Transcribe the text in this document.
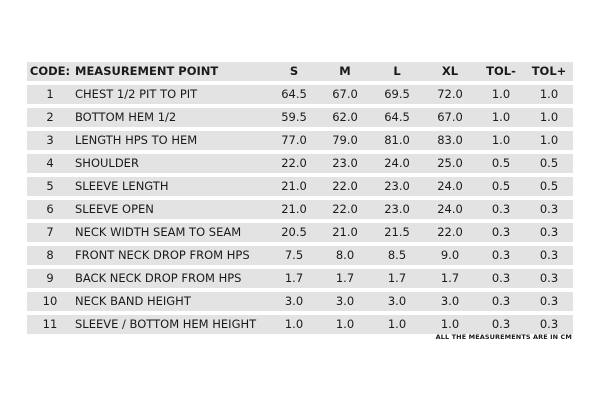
CODE:	MEASUREMENT POINT	S	M	L	XL	TOL-	TOL+
1	CHEST 1/2 PIT TO PIT	64.5	67.0	69.5	72.0	1.0	1.0
2	BOTTOM HEM 1/2	59.5	62.0	64.5	67.0	1.0	1.0
3	LENGTH HPS TO HEM	77.0	79.0	81.0	83.0	1.0	1.0
4	SHOULDER	22.0	23.0	24.0	25.0	0.5	0.5
5	SLEEVE LENGTH	21.0	22.0	23.0	24.0	0.5	0.5
6	SLEEVE OPEN	21.0	22.0	23.0	24.0	0.3	0.3
7	NECK WIDTH SEAM TO SEAM	20.5	21.0	21.5	22.0	0.3	0.3
8	FRONT NECK DROP FROM HPS	7.5	8.0	8.5	9.0	0.3	0.3
9	BACK NECK DROP FROM HPS	1.7	1.7	1.7	1.7	0.3	0.3
10	NECK BAND HEIGHT	3.0	3.0	3.0	3.0	0.3	0.3
11	SLEEVE / BOTTOM HEM HEIGHT	1.0	1.0	1.0	1.0	0.3	0.3
ALL THE MEASUREMENTS ARE IN CM
